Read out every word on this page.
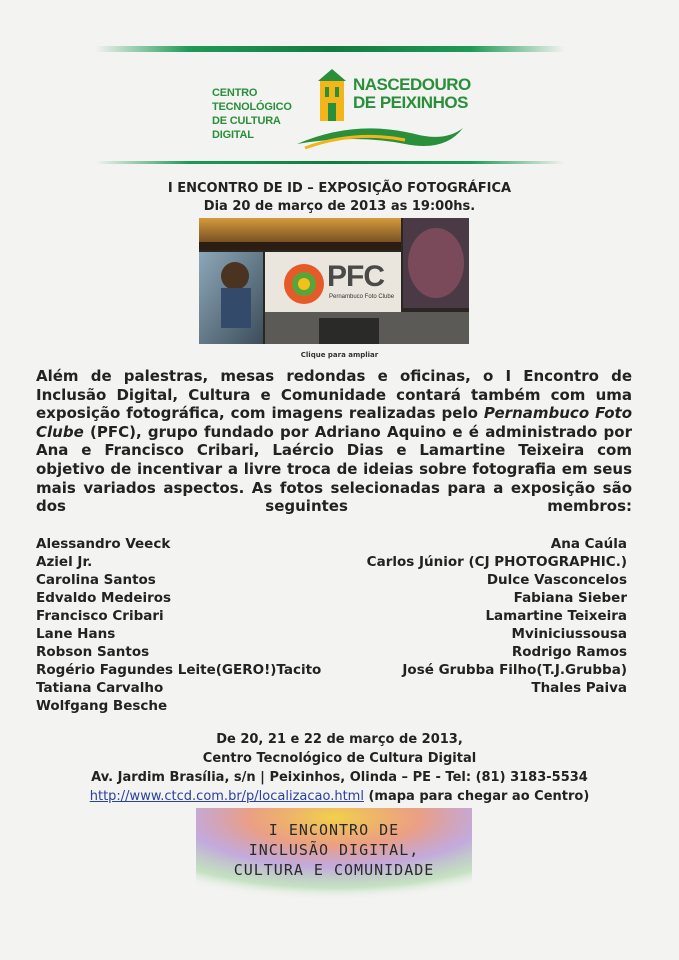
CENTRO TECNOLÓGICO
DE CULTURA DIGITAL
NASCEDOURO
DE PEIXINHOS
I ENCONTRO DE ID – EXPOSIÇÃO FOTOGRÁFICA
Dia 20 de março de 2013 as 19:00hs.
PFC
Pernambuco Foto Clube
Clique para ampliar
Além de palestras, mesas redondas e oficinas, o I Encontro de Inclusão Digital, Cultura e Comunidade contará também com uma exposição fotográfica, com imagens realizadas pelo Pernambuco Foto Clube (PFC), grupo fundado por Adriano Aquino e é administrado por Ana e Francisco Cribari, Laércio Dias e Lamartine Teixeira com objetivo de incentivar a livre troca de ideias sobre fotografia em seus mais variados aspectos. As fotos selecionadas para a exposição são dos seguintes membros:
Alessandro Veeck
Aziel Jr.
Carolina Santos
Edvaldo Medeiros
Francisco Cribari
Lane Hans
Robson Santos
Rogério Fagundes Leite(GERO!)Tacito
Tatiana Carvalho
Wolfgang Besche
Ana Caúla
Carlos Júnior (CJ PHOTOGRAPHIC.)
Dulce Vasconcelos
Fabiana Sieber
Lamartine Teixeira
Mviniciussousa
Rodrigo Ramos
José Grubba Filho(T.J.Grubba)
Thales Paiva
De 20, 21 e 22 de março de 2013,
Centro Tecnológico de Cultura Digital
Av. Jardim Brasília, s/n | Peixinhos, Olinda – PE - Tel: (81) 3183-5534
http://www.ctcd.com.br/p/localizacao.html (mapa para chegar ao Centro)
I ENCONTRO DE
INCLUSÃO DIGITAL,
CULTURA E COMUNIDADE
